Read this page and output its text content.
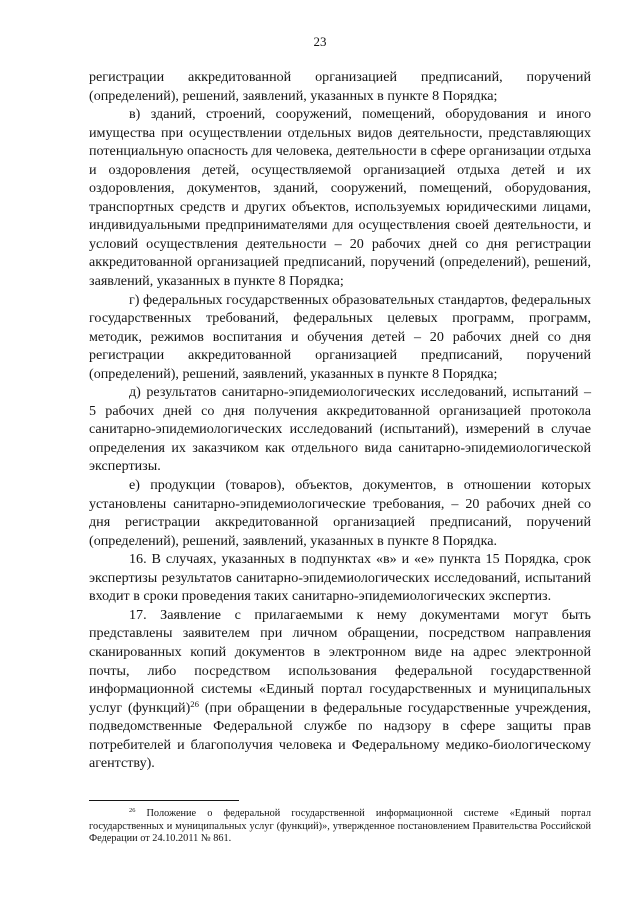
23

регистрации аккредитованной организацией предписаний, поручений (определений), решений, заявлений, указанных в пункте 8 Порядка;

в) зданий, строений, сооружений, помещений, оборудования и иного имущества при осуществлении отдельных видов деятельности, представляющих потенциальную опасность для человека, деятельности в сфере организации отдыха и оздоровления детей, осуществляемой организацией отдыха детей и их оздоровления, документов, зданий, сооружений, помещений, оборудования, транспортных средств и других объектов, используемых юридическими лицами, индивидуальными предпринимателями для осуществления своей деятельности, и условий осуществления деятельности – 20 рабочих дней со дня регистрации аккредитованной организацией предписаний, поручений (определений), решений, заявлений, указанных в пункте 8 Порядка;

г) федеральных государственных образовательных стандартов, федеральных государственных требований, федеральных целевых программ, программ, методик, режимов воспитания и обучения детей – 20 рабочих дней со дня регистрации аккредитованной организацией предписаний, поручений (определений), решений, заявлений, указанных в пункте 8 Порядка;

д) результатов санитарно-эпидемиологических исследований, испытаний – 5 рабочих дней со дня получения аккредитованной организацией протокола санитарно-эпидемиологических исследований (испытаний), измерений в случае определения их заказчиком как отдельного вида санитарно-эпидемиологической экспертизы.

е) продукции (товаров), объектов, документов, в отношении которых установлены санитарно-эпидемиологические требования, – 20 рабочих дней со дня регистрации аккредитованной организацией предписаний, поручений (определений), решений, заявлений, указанных в пункте 8 Порядка.

16. В случаях, указанных в подпунктах «в» и «е» пункта 15 Порядка, срок экспертизы результатов санитарно-эпидемиологических исследований, испытаний входит в сроки проведения таких санитарно-эпидемиологических экспертиз.

17. Заявление с прилагаемыми к нему документами могут быть представлены заявителем при личном обращении, посредством направления сканированных копий документов в электронном виде на адрес электронной почты, либо посредством использования федеральной государственной информационной системы «Единый портал государственных и муниципальных услуг (функций)$^{26}$ (при обращении в федеральные государственные учреждения, подведомственные Федеральной службе по надзору в сфере защиты прав потребителей и благополучия человека и Федеральному медико-биологическому агентству).

$^{26}$ Положение о федеральной государственной информационной системе «Единый портал государственных и муниципальных услуг (функций)», утвержденное постановлением Правительства Российской Федерации от 24.10.2011 № 861.
